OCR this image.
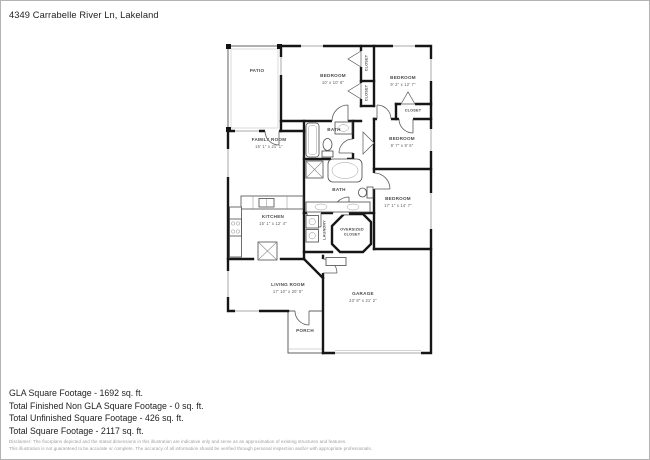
4349 Carrabelle River Ln, Lakeland
PATIO
BEDROOM
10' x 10' 6"
CLOSET
CLOSET
BEDROOM
9' 2" x 12' 7"
CLOSET
BEDROOM
9' 7" x 9' 5"
BATH
BATH
BEDROOM
17' 1" x 14' 7"
OVERSIZED
CLOSET
LAUNDRY
KITCHEN
15' 1" x 12' 4"
FAMILY ROOM
15' 1" x 21' 1"
LIVING ROOM
17' 10" x 20' 5"
PORCH
GARAGE
23' 8" x 21' 2"
GLA Square Footage - 1692 sq. ft.
Total Finished Non GLA Square Footage - 0 sq. ft.
Total Unfinished Square Footage - 426 sq. ft.
Total Square Footage - 2117 sq. ft.
Disclaimer: The floorplans depicted and the stated dimensions in this illustration are indicative only and serve as an approximation of existing structures and features.
This illustration is not guaranteed to be accurate or complete. The accuracy of all information should be verified through personal inspection and/or with appropriate professionals.
